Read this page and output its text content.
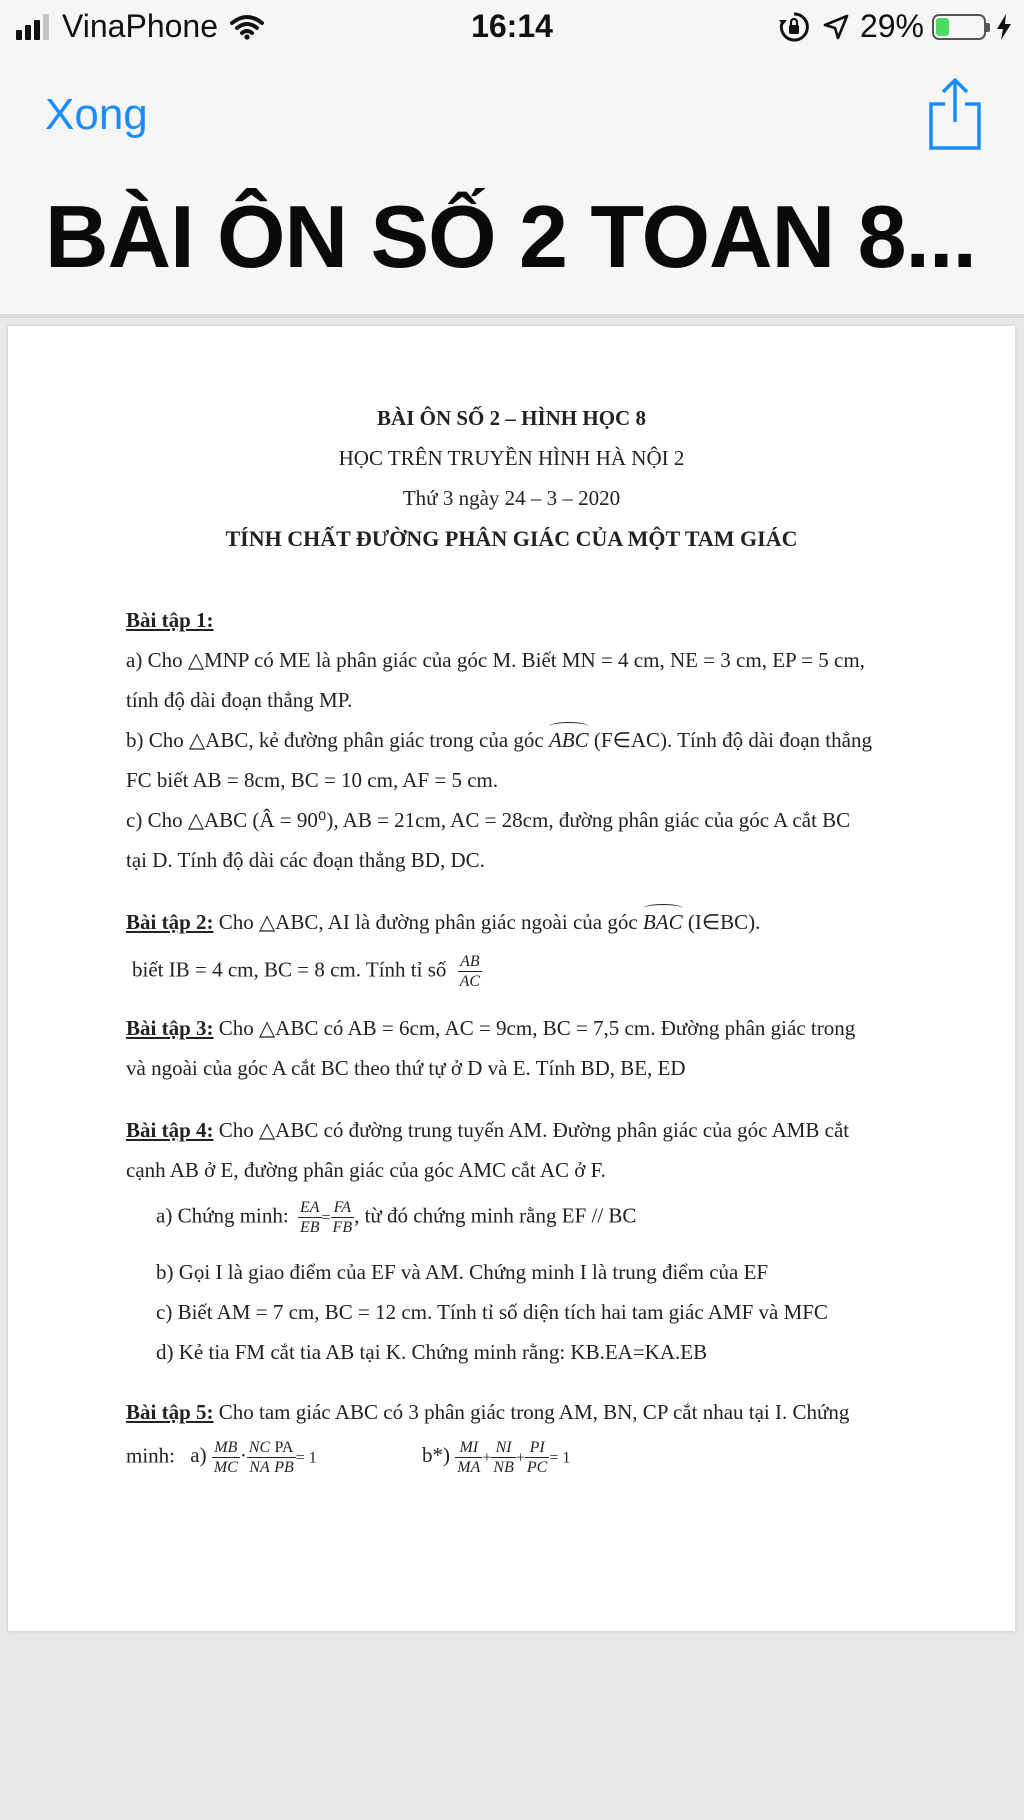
VinaPhone	16:14	29%
Xong
BÀI ÔN SỐ 2 TOAN 8...
BÀI ÔN SỐ 2 – HÌNH HỌC 8
HỌC TRÊN TRUYỀN HÌNH HÀ NỘI 2
Thứ 3 ngày 24 – 3 – 2020
TÍNH CHẤT ĐƯỜNG PHÂN GIÁC CỦA MỘT TAM GIÁC
Bài tập 1:
a) Cho △MNP có ME là phân giác của góc M. Biết MN = 4 cm, NE = 3 cm, EP = 5 cm,
tính độ dài đoạn thẳng MP.
b) Cho △ABC, kẻ đường phân giác trong của góc ABC (F∈AC). Tính độ dài đoạn thẳng
FC biết AB = 8cm, BC = 10 cm, AF = 5 cm.
c) Cho △ABC (Â = 90⁰), AB = 21cm, AC = 28cm, đường phân giác của góc A cắt BC
tại D. Tính độ dài các đoạn thẳng BD, DC.
Bài tập 2: Cho △ABC, AI là đường phân giác ngoài của góc BAC (I∈BC).
biết IB = 4 cm, BC = 8 cm. Tính tỉ số $\frac{AB}{AC}$
Bài tập 3: Cho △ABC có AB = 6cm, AC = 9cm, BC = 7,5 cm. Đường phân giác trong
và ngoài của góc A cắt BC theo thứ tự ở D và E. Tính BD, BE, ED
Bài tập 4: Cho △ABC có đường trung tuyến AM. Đường phân giác của góc AMB cắt
cạnh AB ở E, đường phân giác của góc AMC cắt AC ở F.
a) Chứng minh: $\frac{EA}{EB} = \frac{FA}{FB}$ , từ đó chứng minh rằng EF // BC
b) Gọi I là giao điểm của EF và AM. Chứng minh I là trung điểm của EF
c) Biết AM = 7 cm, BC = 12 cm. Tính tỉ số diện tích hai tam giác AMF và MFC
d) Kẻ tia FM cắt tia AB tại K. Chứng minh rằng: KB.EA=KA.EB
Bài tập 5: Cho tam giác ABC có 3 phân giác trong AM, BN, CP cắt nhau tại I. Chứng
minh: $a) \frac{MB}{MC} \cdot \frac{NC}{NA} \frac{PA}{PB} = 1$	$b*) \frac{MI}{MA} + \frac{NI}{NB} + \frac{PI}{PC} = 1$
